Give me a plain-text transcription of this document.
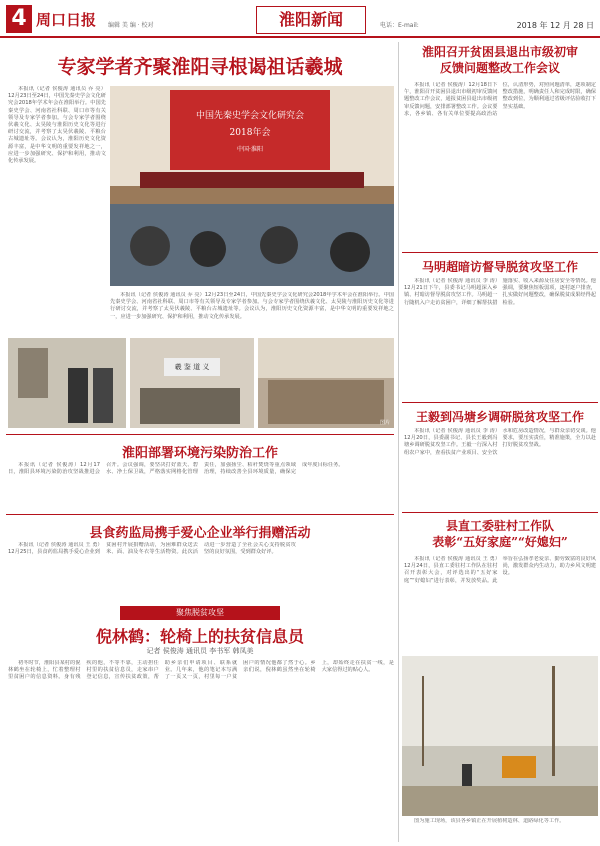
4 周口日报 编辑 美 编 · 校对	淮阳新闻	电话：E-mail:	2018 年 12 月 28 日
专家学者齐聚淮阳寻根谒祖话羲城

本报讯（记者 侯俊涛 通讯员 乔 亮）12月23日至24日，中国先秦史学会文化研究会2018年学术年会在淮阳举行。中国先秦史学会、河南省社科联、周口市等有关领导及专家学者参加。与会专家学者围绕伏羲文化、太昊陵与淮阳历史文化等进行研讨交流，并考察了太昊伏羲陵、平粮台古城遗址等。会议认为，淮阳历史文化资源丰富，是中华文明的重要发祥地之一，应进一步加强研究、保护和利用，推动文化传承发展。

中国先秦史学会文化研究会
2018年会
中国·淮阳

本报讯（记者 侯俊涛 通讯员 乔 亮）12月23日至24日，中国先秦史学会文化研究会2018年学术年会在淮阳举行。中国先秦史学会、河南省社科联、周口市等有关领导及专家学者参加。与会专家学者围绕伏羲文化、太昊陵与淮阳历史文化等进行研讨交流，并考察了太昊伏羲陵、平粮台古城遗址等。会议认为，淮阳历史文化资源丰富，是中华文明的重要发祥地之一，应进一步加强研究、保护和利用，推动文化传承发展。

羲 鉴 道 义
图片
淮阳部署环境污染防治工作

本报讯（记者 侯俊涛）12月17日，淮阳县环境污染防治攻坚战推进会召开。会议强调，要坚决打好蓝天、碧水、净土保卫战，严格落实网格化管理责任，加强扬尘、秸秆焚烧等重点领域治理，持续改善全县环境质量，确保完成年度目标任务。

县食药监局携手爱心企业举行捐赠活动

本报讯（记者 侯俊涛 通讯员 王 勇）12月25日，县食药监局携手爱心企业到贫困村开展捐赠活动，为困难群众送去米、面、油及冬衣等生活物资。此次活动进一步营造了全社会关心支持脱贫攻坚的良好氛围，受到群众好评。

聚焦脱贫攻坚
倪林鹤：轮椅上的扶贫信息员
记者 侯俊涛 通讯员 李书军 韩凤美

初冬时节，淮阳县某村的倪林鹤坐在轮椅上，忙着整理村里贫困户的信息资料。身有残疾的他，不等不靠，主动担任村里的扶贫信息员，走家串户登记信息，宣传扶贫政策，帮助乡亲们申请项目、联系就业。几年来，他的笔记本写满了一页又一页，村里每一户贫困户的情况他都了然于心。乡亲们说，倪林鹤虽然坐在轮椅上，却始终走在扶贫一线，是大家信得过的贴心人。

淮阳召开贫困县退出市级初审
反馈问题整改工作会议

本报讯（记者 侯俊涛）12月18日下午，淮阳召开贫困县退出市级初审反馈问题整改工作会议，通报贫困县退出市级初审反馈问题，安排部署整改工作。会议要求，各乡镇、各有关单位要提高政治站位，认清形势，对照问题清单，逐项制定整改措施，明确责任人和完成时限，确保整改到位，为顺利通过省级评估验收打下坚实基础。

马明超暗访督导脱贫攻坚工作

本报讯（记者 侯俊涛 通讯员 李 涛）12月21日下午，县委书记马明超深入乡镇、村暗访督导脱贫攻坚工作。马明超一行随机入户走访贫困户，详细了解帮扶措施落实、收入来源及住房安全等情况。他强调，要聚焦短板弱项，逐村逐户排查，扎实做好问题整改，确保脱贫成果经得起检验。

王毅到冯塘乡调研脱贫攻坚工作

本报讯（记者 侯俊涛 通讯员 李 涛）12月20日，县委副书记、县长王毅到冯塘乡调研脱贫攻坚工作。王毅一行深入村组农户家中，查看扶贫产业项目、安全饮水和危房改造情况，与群众亲切交谈。他要求，要压实责任，精准施策，全力以赴打好脱贫攻坚战。

县直工委驻村工作队
表彰“五好家庭”“好媳妇”

本报讯（记者 侯俊涛 通讯员 王 勇）12月24日，县直工委驻村工作队在驻村召开表彰大会，对评选出的“五好家庭”“好媳妇”进行表彰，并发放奖品。此举旨在弘扬孝老爱亲、勤劳致富的良好风尚，激发群众内生动力，助力乡风文明建设。

图为施工现场，该县各乡镇正在开展植树造林、道路绿化等工作。
